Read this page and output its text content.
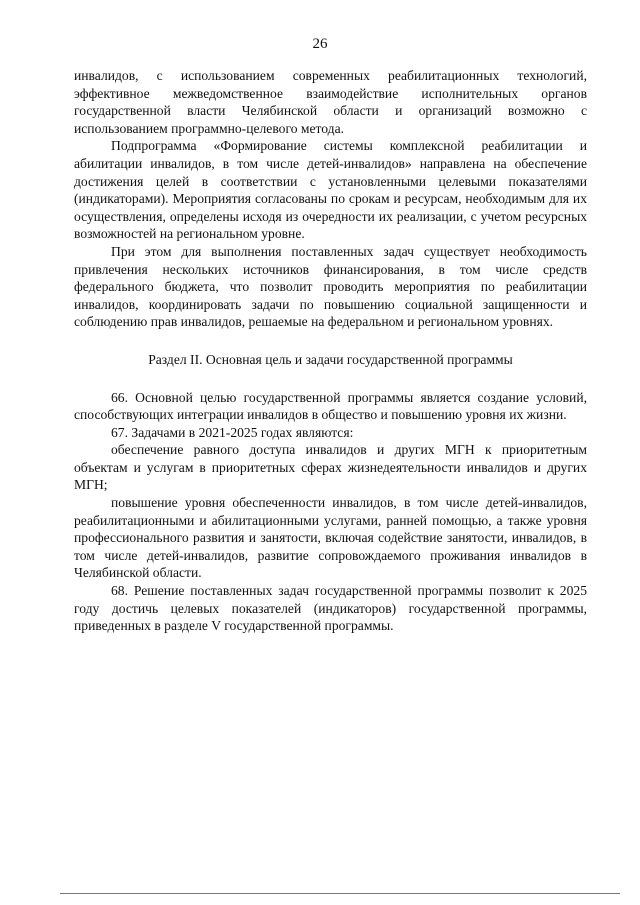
26

инвалидов, с использованием современных реабилитационных технологий, эффективное межведомственное взаимодействие исполнительных органов государственной власти Челябинской области и организаций возможно с использованием программно-целевого метода.

Подпрограмма «Формирование системы комплексной реабилитации и абилитации инвалидов, в том числе детей-инвалидов» направлена на обеспечение достижения целей в соответствии с установленными целевыми показателями (индикаторами). Мероприятия согласованы по срокам и ресурсам, необходимым для их осуществления, определены исходя из очередности их реализации, с учетом ресурсных возможностей на региональном уровне.

При этом для выполнения поставленных задач существует необходимость привлечения нескольких источников финансирования, в том числе средств федерального бюджета, что позволит проводить мероприятия по реабилитации инвалидов, координировать задачи по повышению социальной защищенности и соблюдению прав инвалидов, решаемые на федеральном и региональном уровнях.

Раздел II. Основная цель и задачи государственной программы

66. Основной целью государственной программы является создание условий, способствующих интеграции инвалидов в общество и повышению уровня их жизни.

67. Задачами в 2021-2025 годах являются:

обеспечение равного доступа инвалидов и других МГН к приоритетным объектам и услугам в приоритетных сферах жизнедеятельности инвалидов и других МГН;

повышение уровня обеспеченности инвалидов, в том числе детей-инвалидов, реабилитационными и абилитационными услугами, ранней помощью, а также уровня профессионального развития и занятости, включая содействие занятости, инвалидов, в том числе детей-инвалидов, развитие сопровождаемого проживания инвалидов в Челябинской области.

68. Решение поставленных задач государственной программы позволит к 2025 году достичь целевых показателей (индикаторов) государственной программы, приведенных в разделе V государственной программы.
